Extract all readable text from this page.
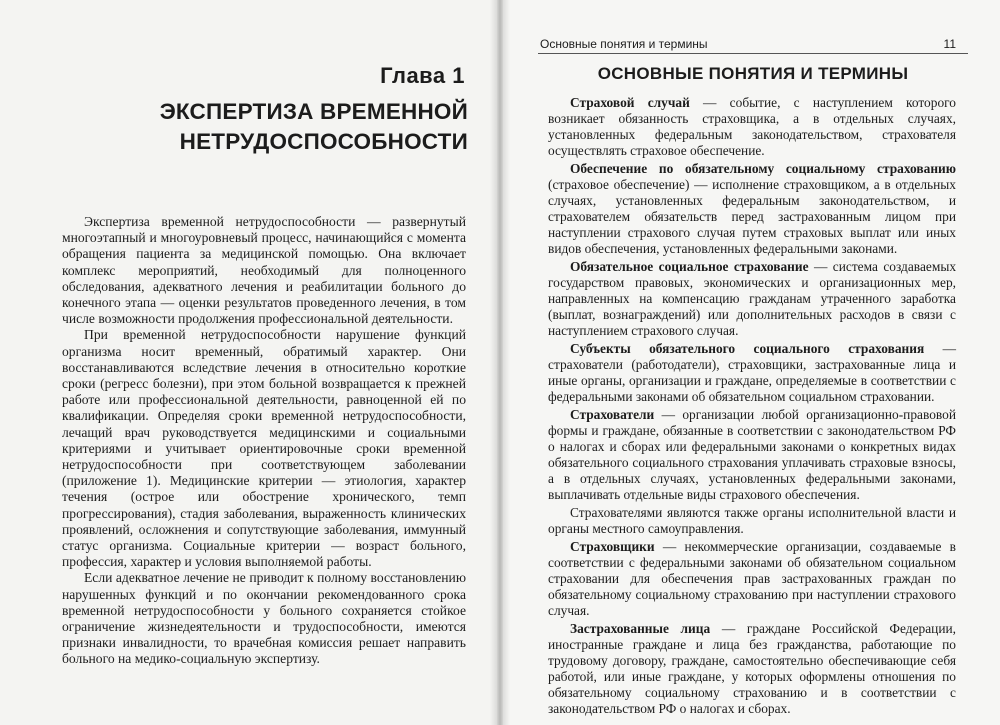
Глава 1
ЭКСПЕРТИЗА ВРЕМЕННОЙ
НЕТРУДОСПОСОБНОСТИ

Экспертиза временной нетрудоспособности — развернутый многоэтапный и многоуровневый процесс, начинающийся с момента обращения пациента за медицинской помощью. Она включает комплекс мероприятий, необходимый для полноценного обследования, адекватного лечения и реабилитации больного до конечного этапа — оценки результатов проведенного лечения, в том числе возможности продолжения профессиональной деятельности.

При временной нетрудоспособности нарушение функций организма носит временный, обратимый характер. Они восстанавливаются вследствие лечения в относительно короткие сроки (регресс болезни), при этом больной возвращается к прежней работе или профессиональной деятельности, равноценной ей по квалификации. Определяя сроки временной нетрудоспособности, лечащий врач руководствуется медицинскими и социальными критериями и учитывает ориентировочные сроки временной нетрудоспособности при соответствующем заболевании (приложение 1). Медицинские критерии — этиология, характер течения (острое или обострение хронического, темп прогрессирования), стадия заболевания, выраженность клинических проявлений, осложнения и сопутствующие заболевания, иммунный статус организма. Социальные критерии — возраст больного, профессия, характер и условия выполняемой работы.

Если адекватное лечение не приводит к полному восстановлению нарушенных функций и по окончании рекомендованного срока временной нетрудоспособности у больного сохраняется стойкое ограничение жизнедеятельности и трудоспособности, имеются признаки инвалидности, то врачебная комиссия решает направить больного на медико-социальную экспертизу.

Основные понятия и термины	11
ОСНОВНЫЕ ПОНЯТИЯ И ТЕРМИНЫ

Страховой случай — событие, с наступлением которого возникает обязанность страховщика, а в отдельных случаях, установленных федеральным законодательством, страхователя осуществлять страховое обеспечение.

Обеспечение по обязательному социальному страхованию (страховое обеспечение) — исполнение страховщиком, а в отдельных случаях, установленных федеральным законодательством, и страхователем обязательств перед застрахованным лицом при наступлении страхового случая путем страховых выплат или иных видов обеспечения, установленных федеральными законами.

Обязательное социальное страхование — система создаваемых государством правовых, экономических и организационных мер, направленных на компенсацию гражданам утраченного заработка (выплат, вознаграждений) или дополнительных расходов в связи с наступлением страхового случая.

Субъекты обязательного социального страхования — страхователи (работодатели), страховщики, застрахованные лица и иные органы, организации и граждане, определяемые в соответствии с федеральными законами об обязательном социальном страховании.

Страхователи — организации любой организационно-правовой формы и граждане, обязанные в соответствии с законодательством РФ о налогах и сборах или федеральными законами о конкретных видах обязательного социального страхования уплачивать страховые взносы, а в отдельных случаях, установленных федеральными законами, выплачивать отдельные виды страхового обеспечения.

Страхователями являются также органы исполнительной власти и органы местного самоуправления.

Страховщики — некоммерческие организации, создаваемые в соответствии с федеральными законами об обязательном социальном страховании для обеспечения прав застрахованных граждан по обязательному социальному страхованию при наступлении страхового случая.

Застрахованные лица — граждане Российской Федерации, иностранные граждане и лица без гражданства, работающие по трудовому договору, граждане, самостоятельно обеспечивающие себя работой, или иные граждане, у которых оформлены отношения по обязательному социальному страхованию и в соответствии с законодательством РФ о налогах и сборах.
